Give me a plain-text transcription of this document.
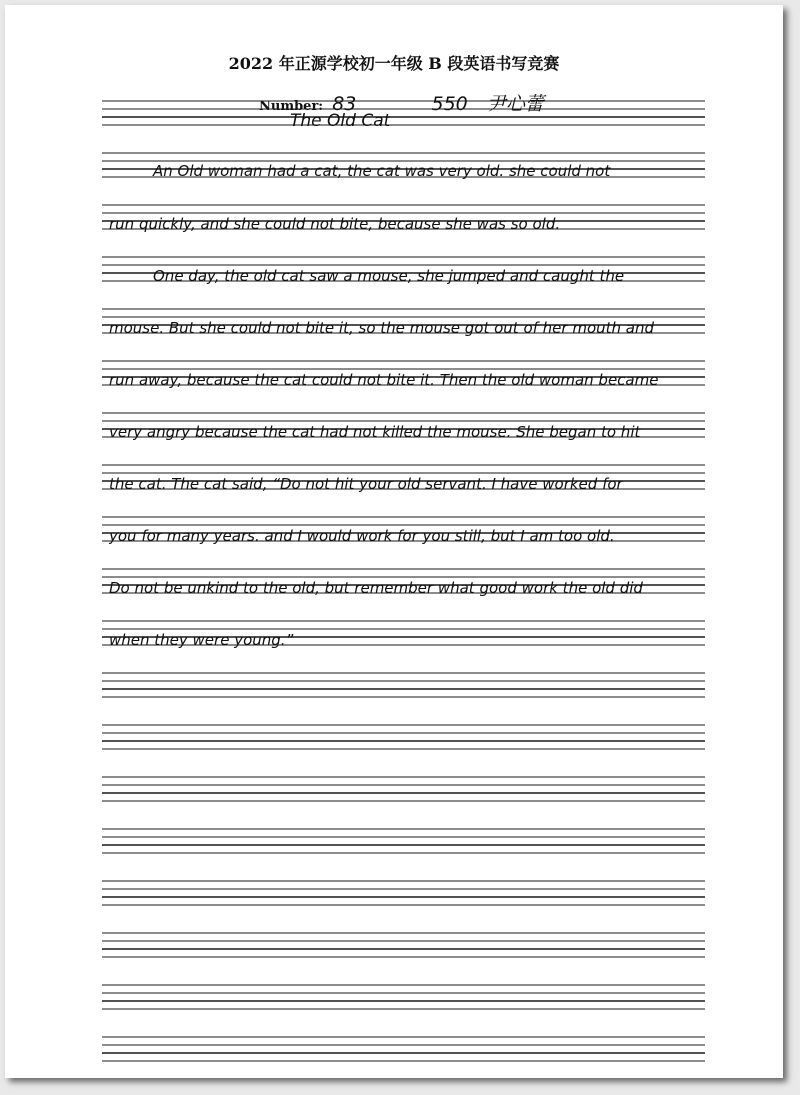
2022 年正源学校初一年级 B 段英语书写竞赛
Number: 83	550 尹心蕾
The Old Cat
An Old woman had a cat, the cat was very old. she could not
run quickly, and she could not bite, because she was so old.
One day, the old cat saw a mouse, she jumped and caught the
mouse. But she could not bite it, so the mouse got out of her mouth and
run away, because the cat could not bite it. Then the old woman became
very angry because the cat had not killed the mouse. She began to hit
the cat. The cat said, “Do not hit your old servant. I have worked for
you for many years. and I would work for you still, but I am too old.
Do not be unkind to the old, but remember what good work the old did
when they were young.”
